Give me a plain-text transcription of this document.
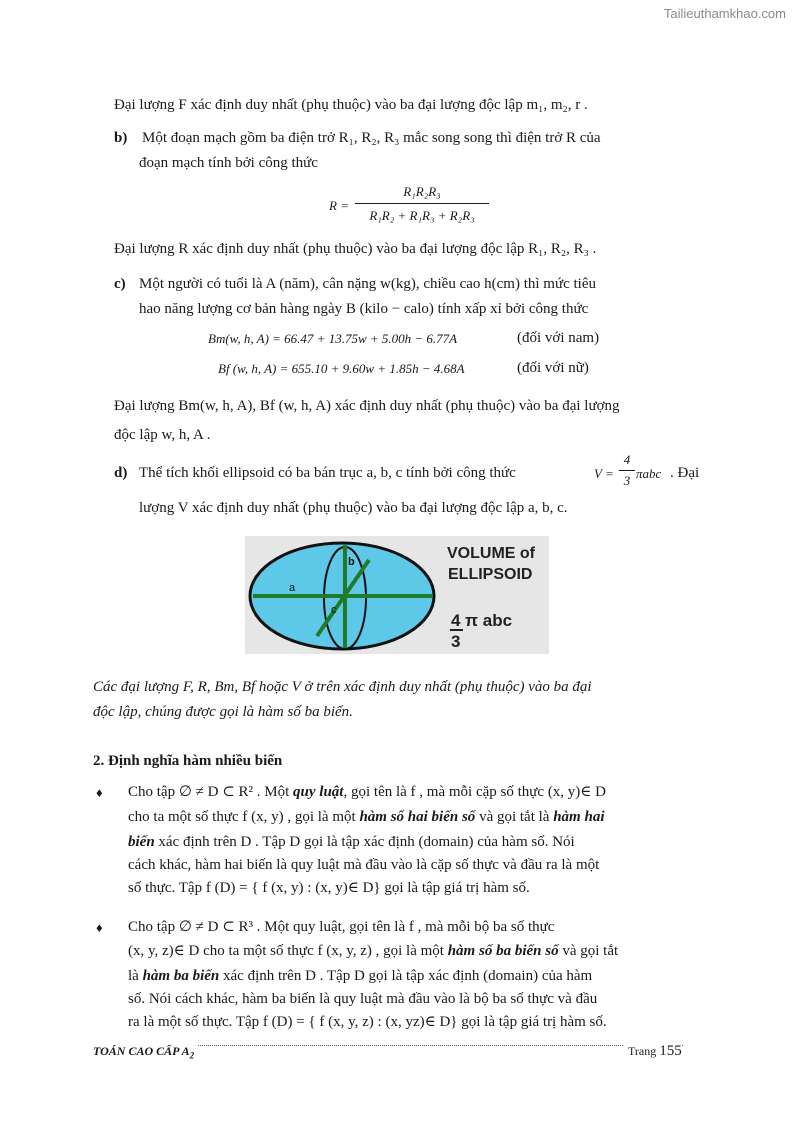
Tailieuthamkhao.com
Đại lượng F xác định duy nhất (phụ thuộc) vào ba đại lượng độc lập m₁, m₂, r .
b) Một đoạn mạch gồm ba điện trở R₁, R₂, R₃ mắc song song thì điện trở R của
đoạn mạch tính bởi công thức
$R = \frac{\text{R₁R₂R₃}}{\text{R₁R₂ + R₁R₃ + R₂R₃}}$
Đại lượng R xác định duy nhất (phụ thuộc) vào ba đại lượng độc lập R₁, R₂, R₃ .
c) Một người có tuổi là A (năm), cân nặng w(kg), chiều cao h(cm) thì mức tiêu
hao năng lượng cơ bản hàng ngày B (kilo − calo) tính xấp xỉ bởi công thức
Bm(w, h, A) = 66.47 + 13.75w + 5.00h − 6.77A	(đối với nam)
Bf (w, h, A) = 655.10 + 9.60w + 1.85h − 4.68A	(đối với nữ)
Đại lượng Bm(w, h, A), Bf (w, h, A) xác định duy nhất (phụ thuộc) vào ba đại lượng
độc lập w, h, A .
d) Thể tích khối ellipsoid có ba bán trục a, b, c tính bởi công thức	$V = \frac{4}{3}$ πabc . Đại
lượng V xác định duy nhất (phụ thuộc) vào ba đại lượng độc lập a, b, c.
a
b
c
VOLUME of
ELLIPSOID
4
3
π abc
Các đại lượng F, R, Bm, Bf hoặc V ở trên xác định duy nhất (phụ thuộc) vào ba đại
độc lập, chúng được gọi là hàm số ba biến.
2. Định nghĩa hàm nhiều biến
♦ Cho tập ∅ ≠ D ⊂ R² . Một quy luật, gọi tên là f , mà mỗi cặp số thực (x, y)∈ D
cho ta một số thực f (x, y) , gọi là một hàm số hai biến số và gọi tắt là hàm hai
biến xác định trên D . Tập D gọi là tập xác định (domain) của hàm số. Nói
cách khác, hàm hai biến là quy luật mà đầu vào là cặp số thực và đầu ra là một
số thực. Tập f (D) = { f (x, y) : (x, y)∈ D} gọi là tập giá trị hàm số.
♦ Cho tập ∅ ≠ D ⊂ R³ . Một quy luật, gọi tên là f , mà mỗi bộ ba số thực
(x, y, z)∈ D cho ta một số thực f (x, y, z) , gọi là một hàm số ba biến số và gọi tắt
là hàm ba biến xác định trên D . Tập D gọi là tập xác định (domain) của hàm
số. Nói cách khác, hàm ba biến là quy luật mà đầu vào là bộ ba số thực và đầu
ra là một số thực. Tập f (D) = { f (x, y, z) : (x, yz)∈ D} gọi là tập giá trị hàm số.
TOÁN CAO CẤP $A_2$	Trang 155
